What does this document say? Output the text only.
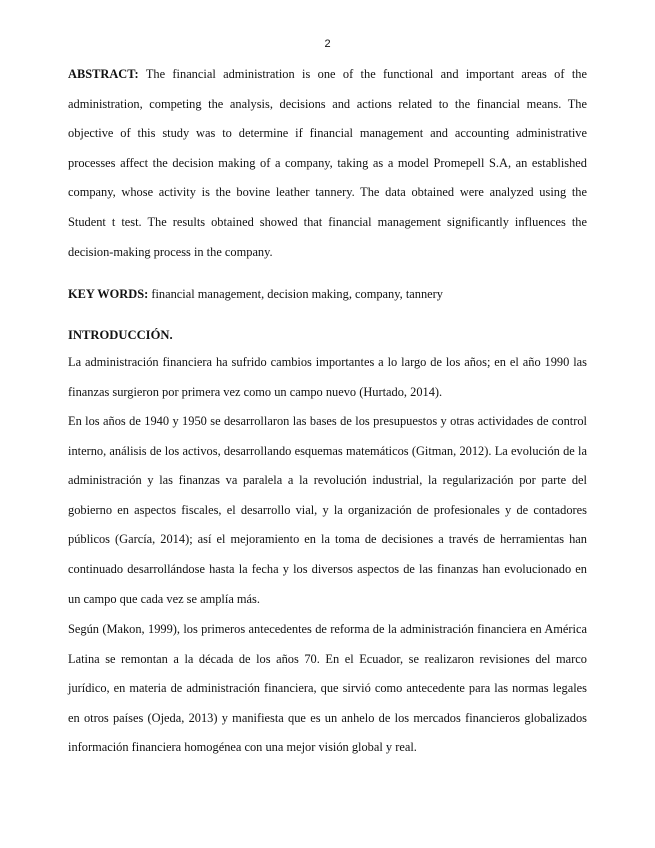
2

ABSTRACT: The financial administration is one of the functional and important areas of the administration, competing the analysis, decisions and actions related to the financial means. The objective of this study was to determine if financial management and accounting administrative processes affect the decision making of a company, taking as a model Promepell S.A, an established company, whose activity is the bovine leather tannery. The data obtained were analyzed using the Student t test. The results obtained showed that financial management significantly influences the decision-making process in the company.

KEY WORDS: financial management, decision making, company, tannery

INTRODUCCIÓN.

La administración financiera ha sufrido cambios importantes a lo largo de los años; en el año 1990 las finanzas surgieron por primera vez como un campo nuevo (Hurtado, 2014).

En los años de 1940 y 1950 se desarrollaron las bases de los presupuestos y otras actividades de control interno, análisis de los activos, desarrollando esquemas matemáticos (Gitman, 2012). La evolución de la administración y las finanzas va paralela a la revolución industrial, la regularización por parte del gobierno en aspectos fiscales, el desarrollo vial, y la organización de profesionales y de contadores públicos (García, 2014); así el mejoramiento en la toma de decisiones a través de herramientas han continuado desarrollándose hasta la fecha y los diversos aspectos de las finanzas han evolucionado en un campo que cada vez se amplía más.

Según (Makon, 1999), los primeros antecedentes de reforma de la administración financiera en América Latina se remontan a la década de los años 70. En el Ecuador, se realizaron revisiones del marco jurídico, en materia de administración financiera, que sirvió como antecedente para las normas legales en otros países (Ojeda, 2013) y manifiesta que es un anhelo de los mercados financieros globalizados información financiera homogénea con una mejor visión global y real.
